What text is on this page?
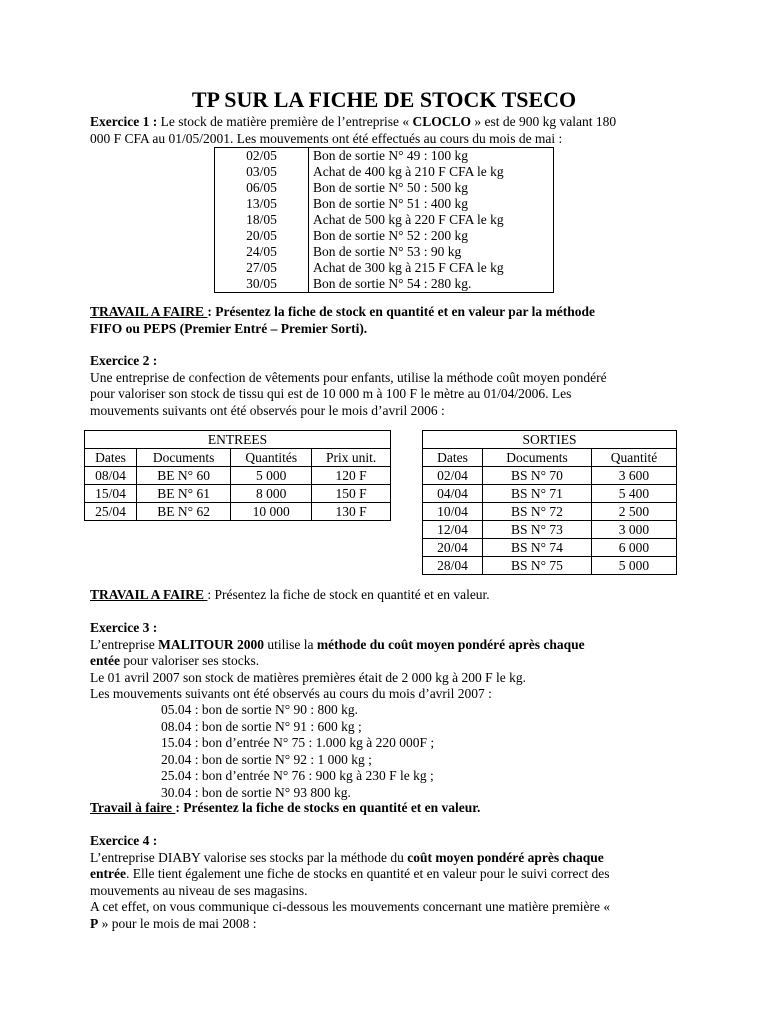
TP SUR LA FICHE DE STOCK TSECO
Exercice 1 : Le stock de matière première de l’entreprise « CLOCLO » est de 900 kg valant 180
000 F CFA au 01/05/2001. Les mouvements ont été effectués au cours du mois de mai :
02/05	Bon de sortie N° 49 : 100 kg
03/05	Achat de 400 kg à 210 F CFA le kg
06/05	Bon de sortie N° 50 : 500 kg
13/05	Bon de sortie N° 51 : 400 kg
18/05	Achat de 500 kg à 220 F CFA le kg
20/05	Bon de sortie N° 52 : 200 kg
24/05	Bon de sortie N° 53 : 90 kg
27/05	Achat de 300 kg à 215 F CFA le kg
30/05	Bon de sortie N° 54 : 280 kg.
TRAVAIL A FAIRE : Présentez la fiche de stock en quantité et en valeur par la méthode
FIFO ou PEPS (Premier Entré – Premier Sorti).
Exercice 2 :
Une entreprise de confection de vêtements pour enfants, utilise la méthode coût moyen pondéré
pour valoriser son stock de tissu qui est de 10 000 m à 100 F le mètre au 01/04/2006. Les
mouvements suivants ont été observés pour le mois d’avril 2006 :
ENTREES			
Dates	Documents	Quantités	Prix unit.
08/04	BE N° 60	5 000	120 F
15/04	BE N° 61	8 000	150 F
25/04	BE N° 62	10 000	130 F
SORTIES		
Dates	Documents	Quantité
02/04	BS N° 70	3 600
04/04	BS N° 71	5 400
10/04	BS N° 72	2 500
12/04	BS N° 73	3 000
20/04	BS N° 74	6 000
28/04	BS N° 75	5 000
TRAVAIL A FAIRE : Présentez la fiche de stock en quantité et en valeur.
Exercice 3 :
L’entreprise MALITOUR 2000 utilise la méthode du coût moyen pondéré après chaque
entée pour valoriser ses stocks.
Le 01 avril 2007 son stock de matières premières était de 2 000 kg à 200 F le kg.
Les mouvements suivants ont été observés au cours du mois d’avril 2007 :
05.04 : bon de sortie N° 90 : 800 kg.
08.04 : bon de sortie N° 91 : 600 kg ;
15.04 : bon d’entrée N° 75 : 1.000 kg à 220 000F ;
20.04 : bon de sortie N° 92 : 1 000 kg ;
25.04 : bon d’entrée N° 76 : 900 kg à 230 F le kg ;
30.04 : bon de sortie N° 93 800 kg.
Travail à faire : Présentez la fiche de stocks en quantité et en valeur.
Exercice 4 :
L’entreprise DIABY valorise ses stocks par la méthode du coût moyen pondéré après chaque
entrée. Elle tient également une fiche de stocks en quantité et en valeur pour le suivi correct des
mouvements au niveau de ses magasins.
A cet effet, on vous communique ci-dessous les mouvements concernant une matière première «
P » pour le mois de mai 2008 :
